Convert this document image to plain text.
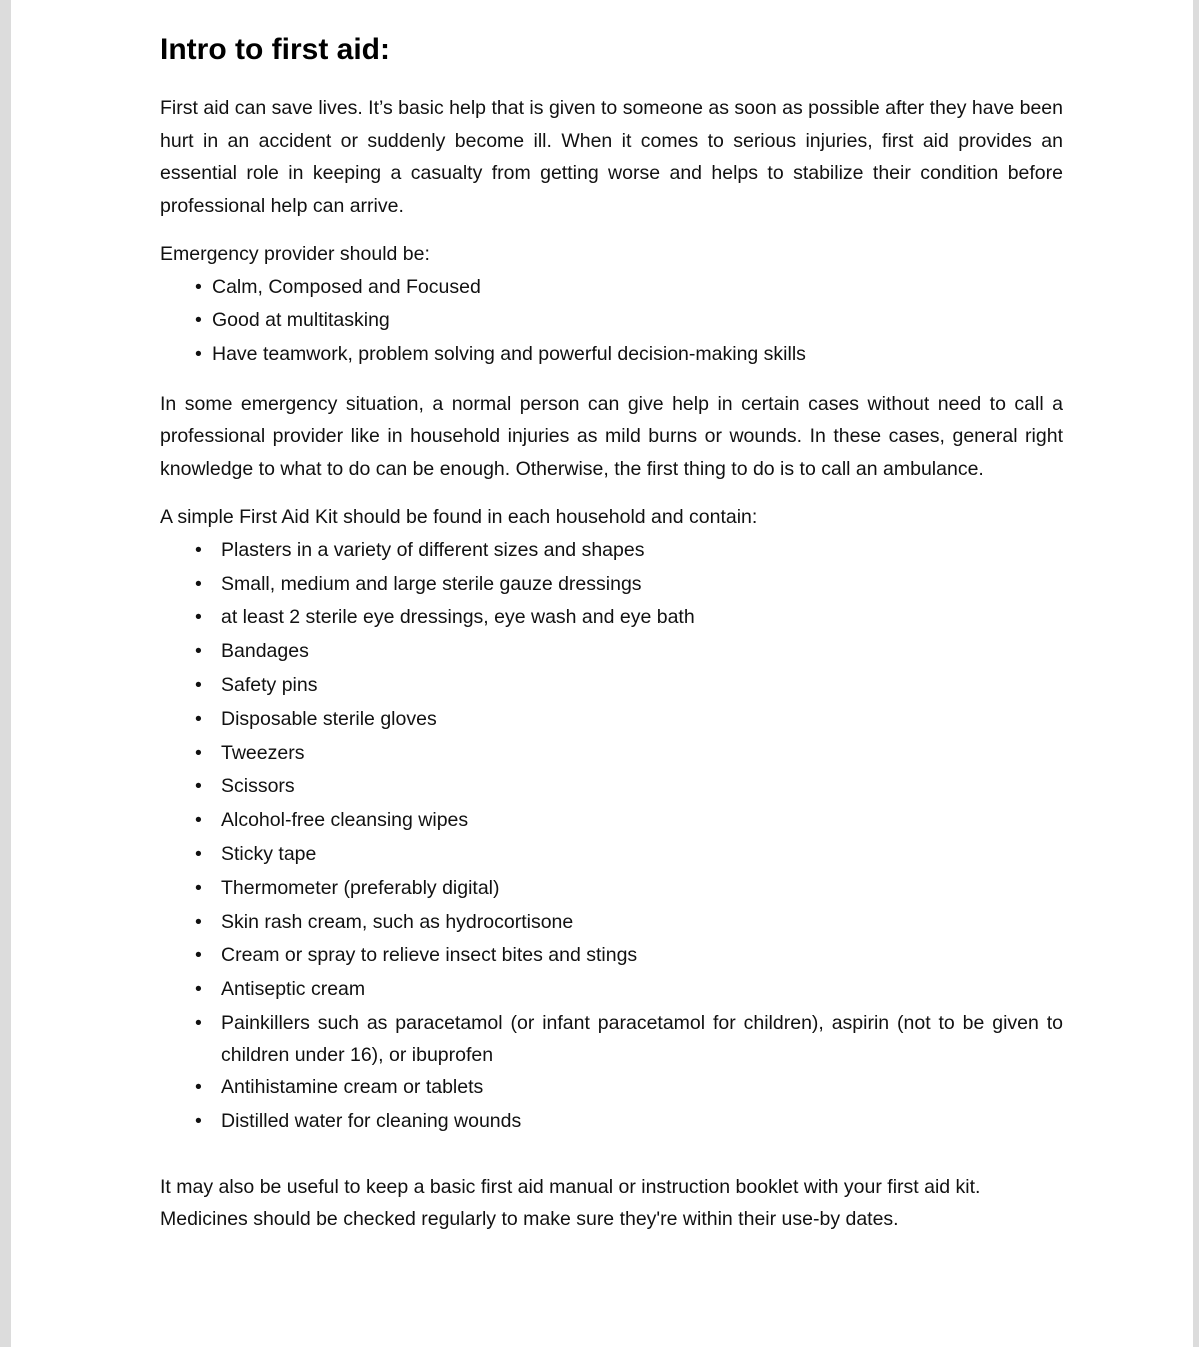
Intro to first aid:

First aid can save lives. It’s basic help that is given to someone as soon as possible after they have been hurt in an accident or suddenly become ill. When it comes to serious injuries, first aid provides an essential role in keeping a casualty from getting worse and helps to stabilize their condition before professional help can arrive.

Emergency provider should be:

• Calm, Composed and Focused
• Good at multitasking
• Have teamwork, problem solving and powerful decision-making skills

In some emergency situation, a normal person can give help in certain cases without need to call a professional provider like in household injuries as mild burns or wounds. In these cases, general right knowledge to what to do can be enough. Otherwise, the first thing to do is to call an ambulance.

A simple First Aid Kit should be found in each household and contain:

• Plasters in a variety of different sizes and shapes
• Small, medium and large sterile gauze dressings
• at least 2 sterile eye dressings, eye wash and eye bath
• Bandages
• Safety pins
• Disposable sterile gloves
• Tweezers
• Scissors
• Alcohol-free cleansing wipes
• Sticky tape
• Thermometer (preferably digital)
• Skin rash cream, such as hydrocortisone
• Cream or spray to relieve insect bites and stings
• Antiseptic cream
• Painkillers such as paracetamol (or infant paracetamol for children), aspirin (not to be given to children under 16), or ibuprofen
• Antihistamine cream or tablets
• Distilled water for cleaning wounds

It may also be useful to keep a basic first aid manual or instruction booklet with your first aid kit. Medicines should be checked regularly to make sure they're within their use-by dates.
